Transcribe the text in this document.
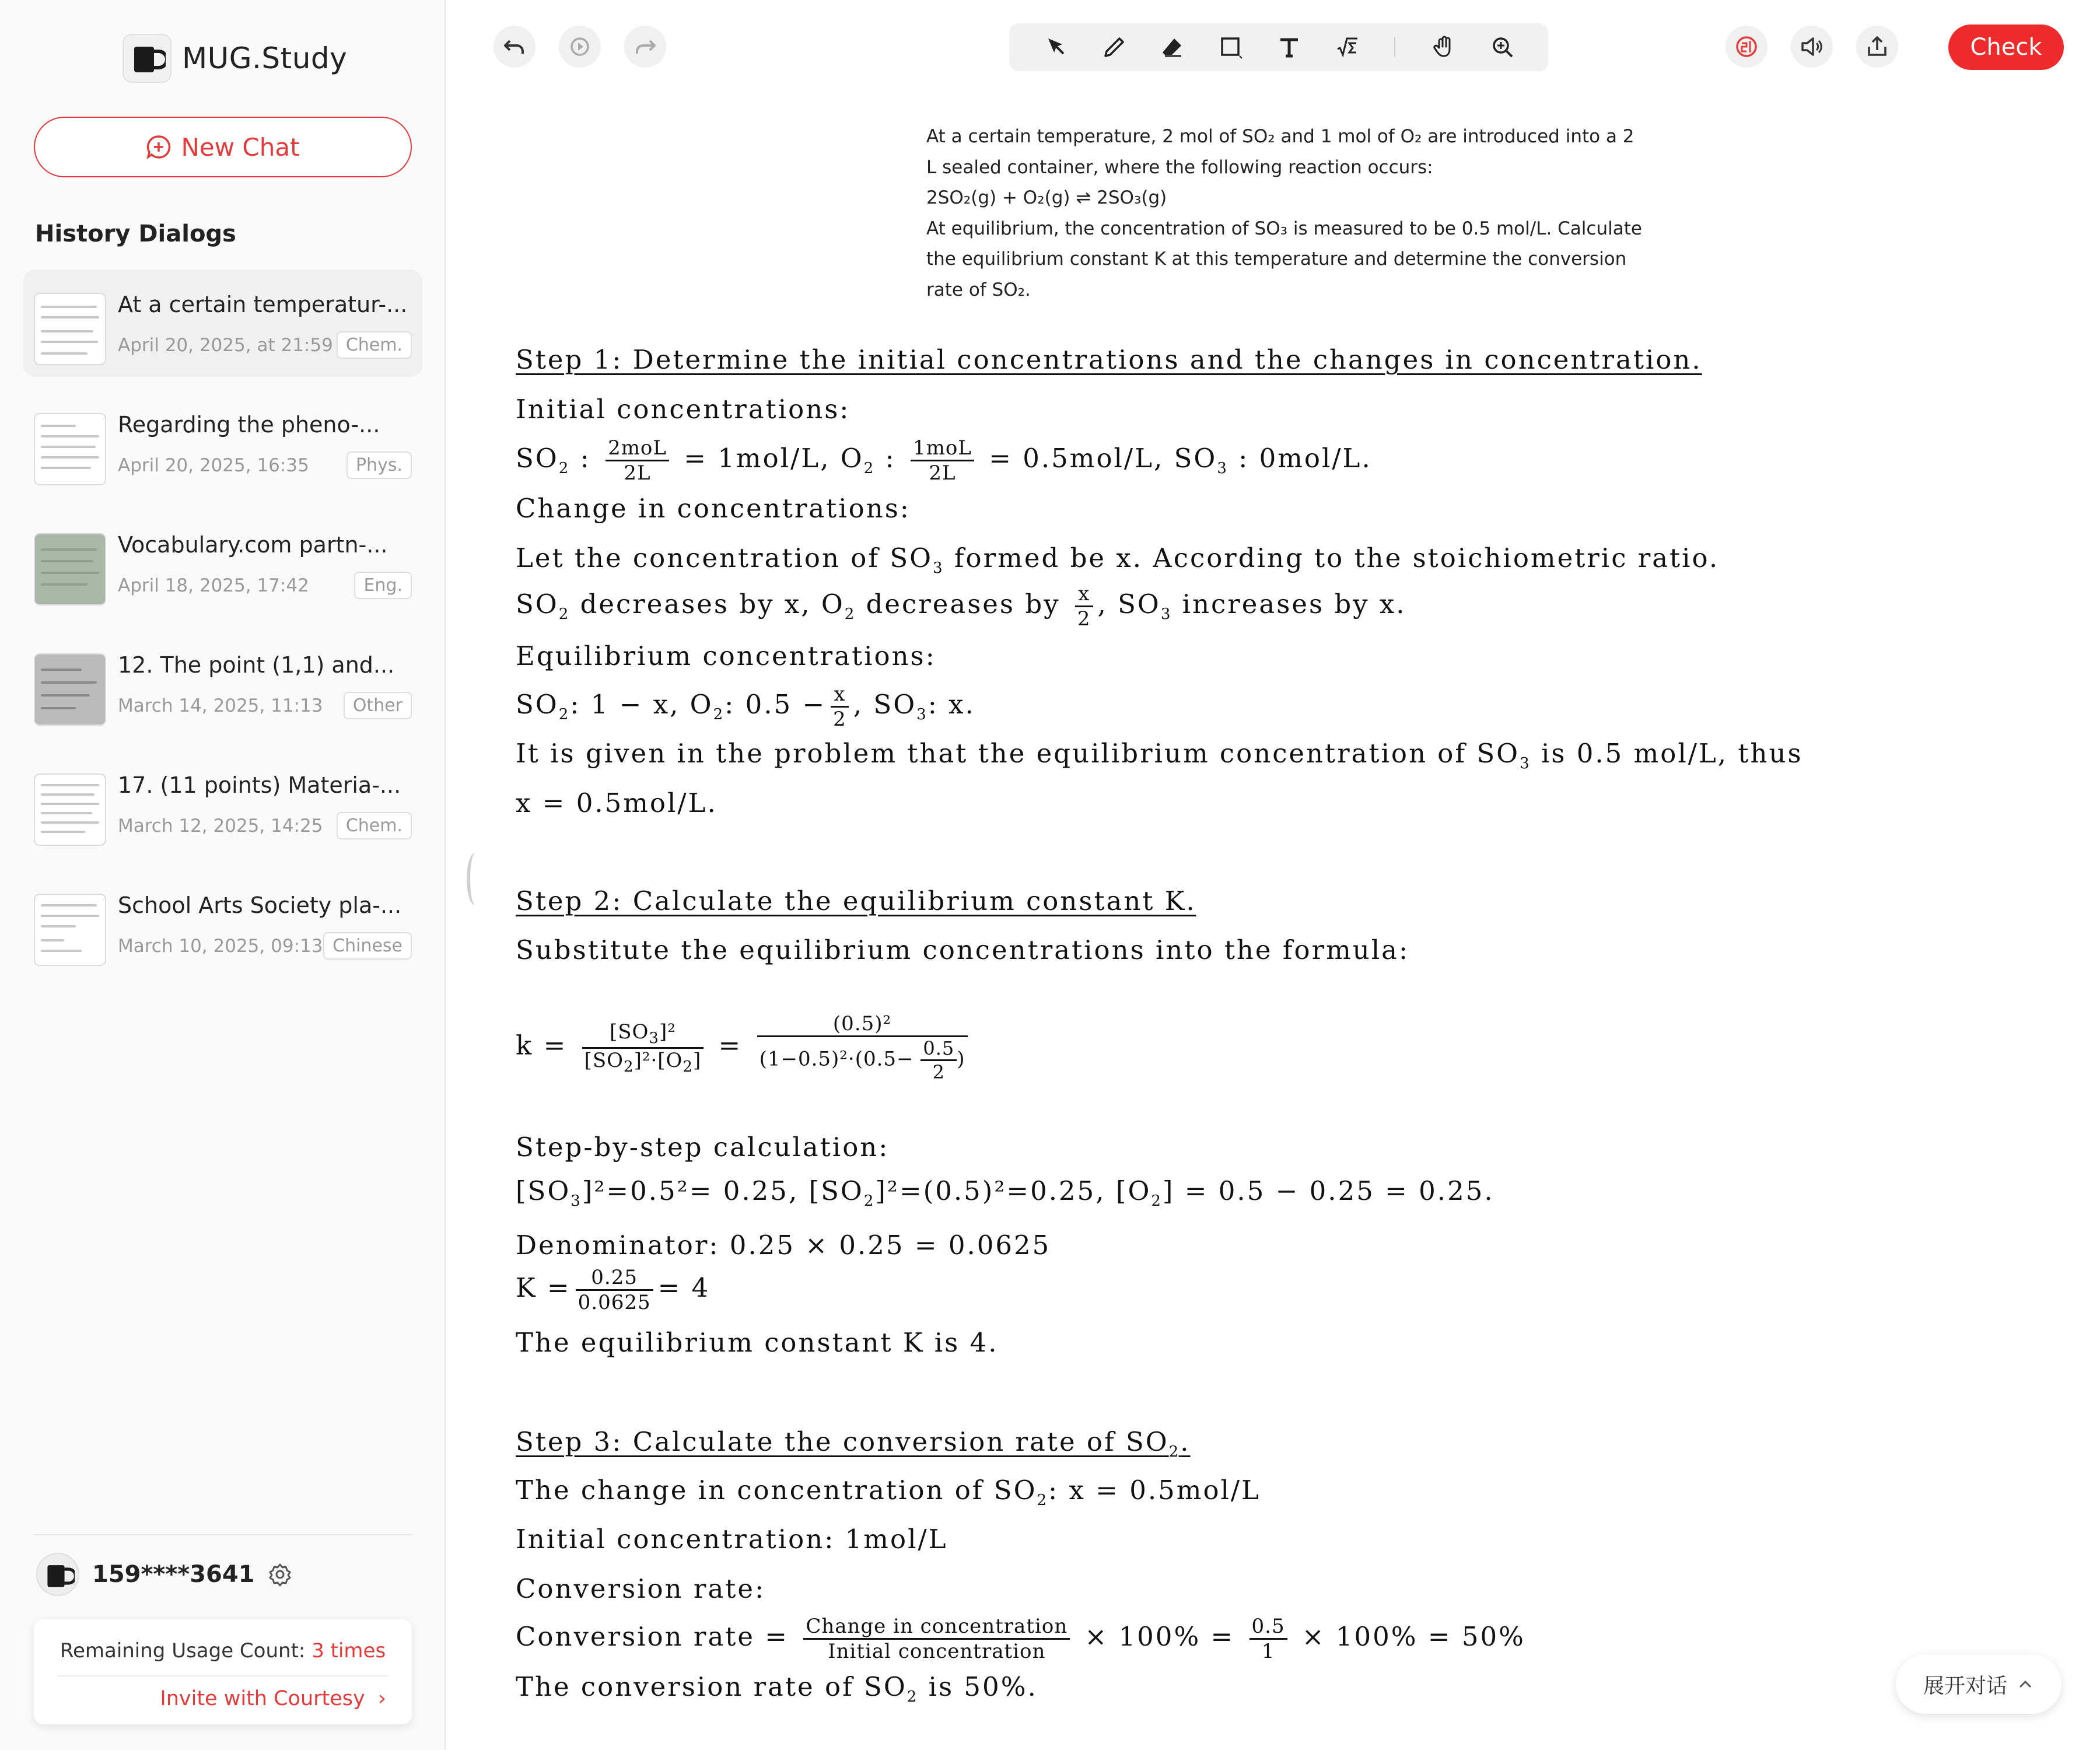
MUG.Study
New Chat
History Dialogs
At a certain temperatur-...
April 20, 2025, at 21:59 Chem.
Regarding the pheno-...
April 20, 2025, 16:35	Phys.
Vocabulary.com partn-...
April 18, 2025, 17:42	Eng.
12. The point (1,1) and...
March 14, 2025, 11:13	Other
17. (11 points) Materia-...
March 12, 2025, 14:25	Chem.
School Arts Society pla-...
March 10, 2025, 09:13 Chinese
159****3641
Remaining Usage Count: 3 times
Invite with Courtesy  ›
Check
At a certain temperature, 2 mol of SO₂ and 1 mol of O₂ are introduced into a 2
L sealed container, where the following reaction occurs:
2SO₂(g) + O₂(g) ⇌ 2SO₃(g)
At equilibrium, the concentration of SO₃ is measured to be 0.5 mol/L. Calculate
the equilibrium constant K at this temperature and determine the conversion
rate of SO₂.
Step 1: Determine the initial concentrations and the changes in concentration.
Initial concentrations:
$SO_2$ : $\frac{\text{2moL}}{2L} = 1mol/L$, $O_2$ : $\frac{\text{1moL}}{2L} = 0.5mol/L$, $SO_3$ : 0mol/L.
Change in concentrations:
Let the concentration of $SO_3$ formed be x. According to the stoichiometric ratio.
$SO_2$ decreases by x, $O_2$ decreases by $\frac{x}{2}$ , $SO_3$ increases by x.
Equilibrium concentrations:
$SO_2$: 1 − x, $O_2$: $0.5 - \frac{x}{2}$ , $SO_3$: x.
It is given in the problem that the equilibrium concentration of $SO_3$ is 0.5 mol/L, thus
x = 0.5mol/L.
Step 2: Calculate the equilibrium constant K.
Substitute the equilibrium concentrations into the formula:
$k = \frac{[SO_3]^2}{[SO_2]^2\cdot[O_2]} = \frac{\text{(0.5)²}}{(1-0.5)^2\cdot(0.5- \frac{0.5}{2} )}$
Step-by-step calculation:
$[SO_3]^2=0.5^2= 0.25$, $[SO_2]^2=(0.5)^2=0.25$, $[O_2] = 0.5 - 0.25 = 0.25$.
Denominator: 0.25 × 0.25 = 0.0625
$K = \frac{0.25}{0.0625} = 4$
The equilibrium constant K is 4.
Step 3: Calculate the conversion rate of $SO_2$.
The change in concentration of $SO_2$: x = 0.5mol/L
Initial concentration: 1mol/L
Conversion rate:
Conversion rate = $\frac{\text{Change in concentration}}{\text{Initial concentration}} \times 100\% = \frac{0.5}{1} \times 100\% = 50\%$
The conversion rate of $SO_2$ is 50%.	展开对话
